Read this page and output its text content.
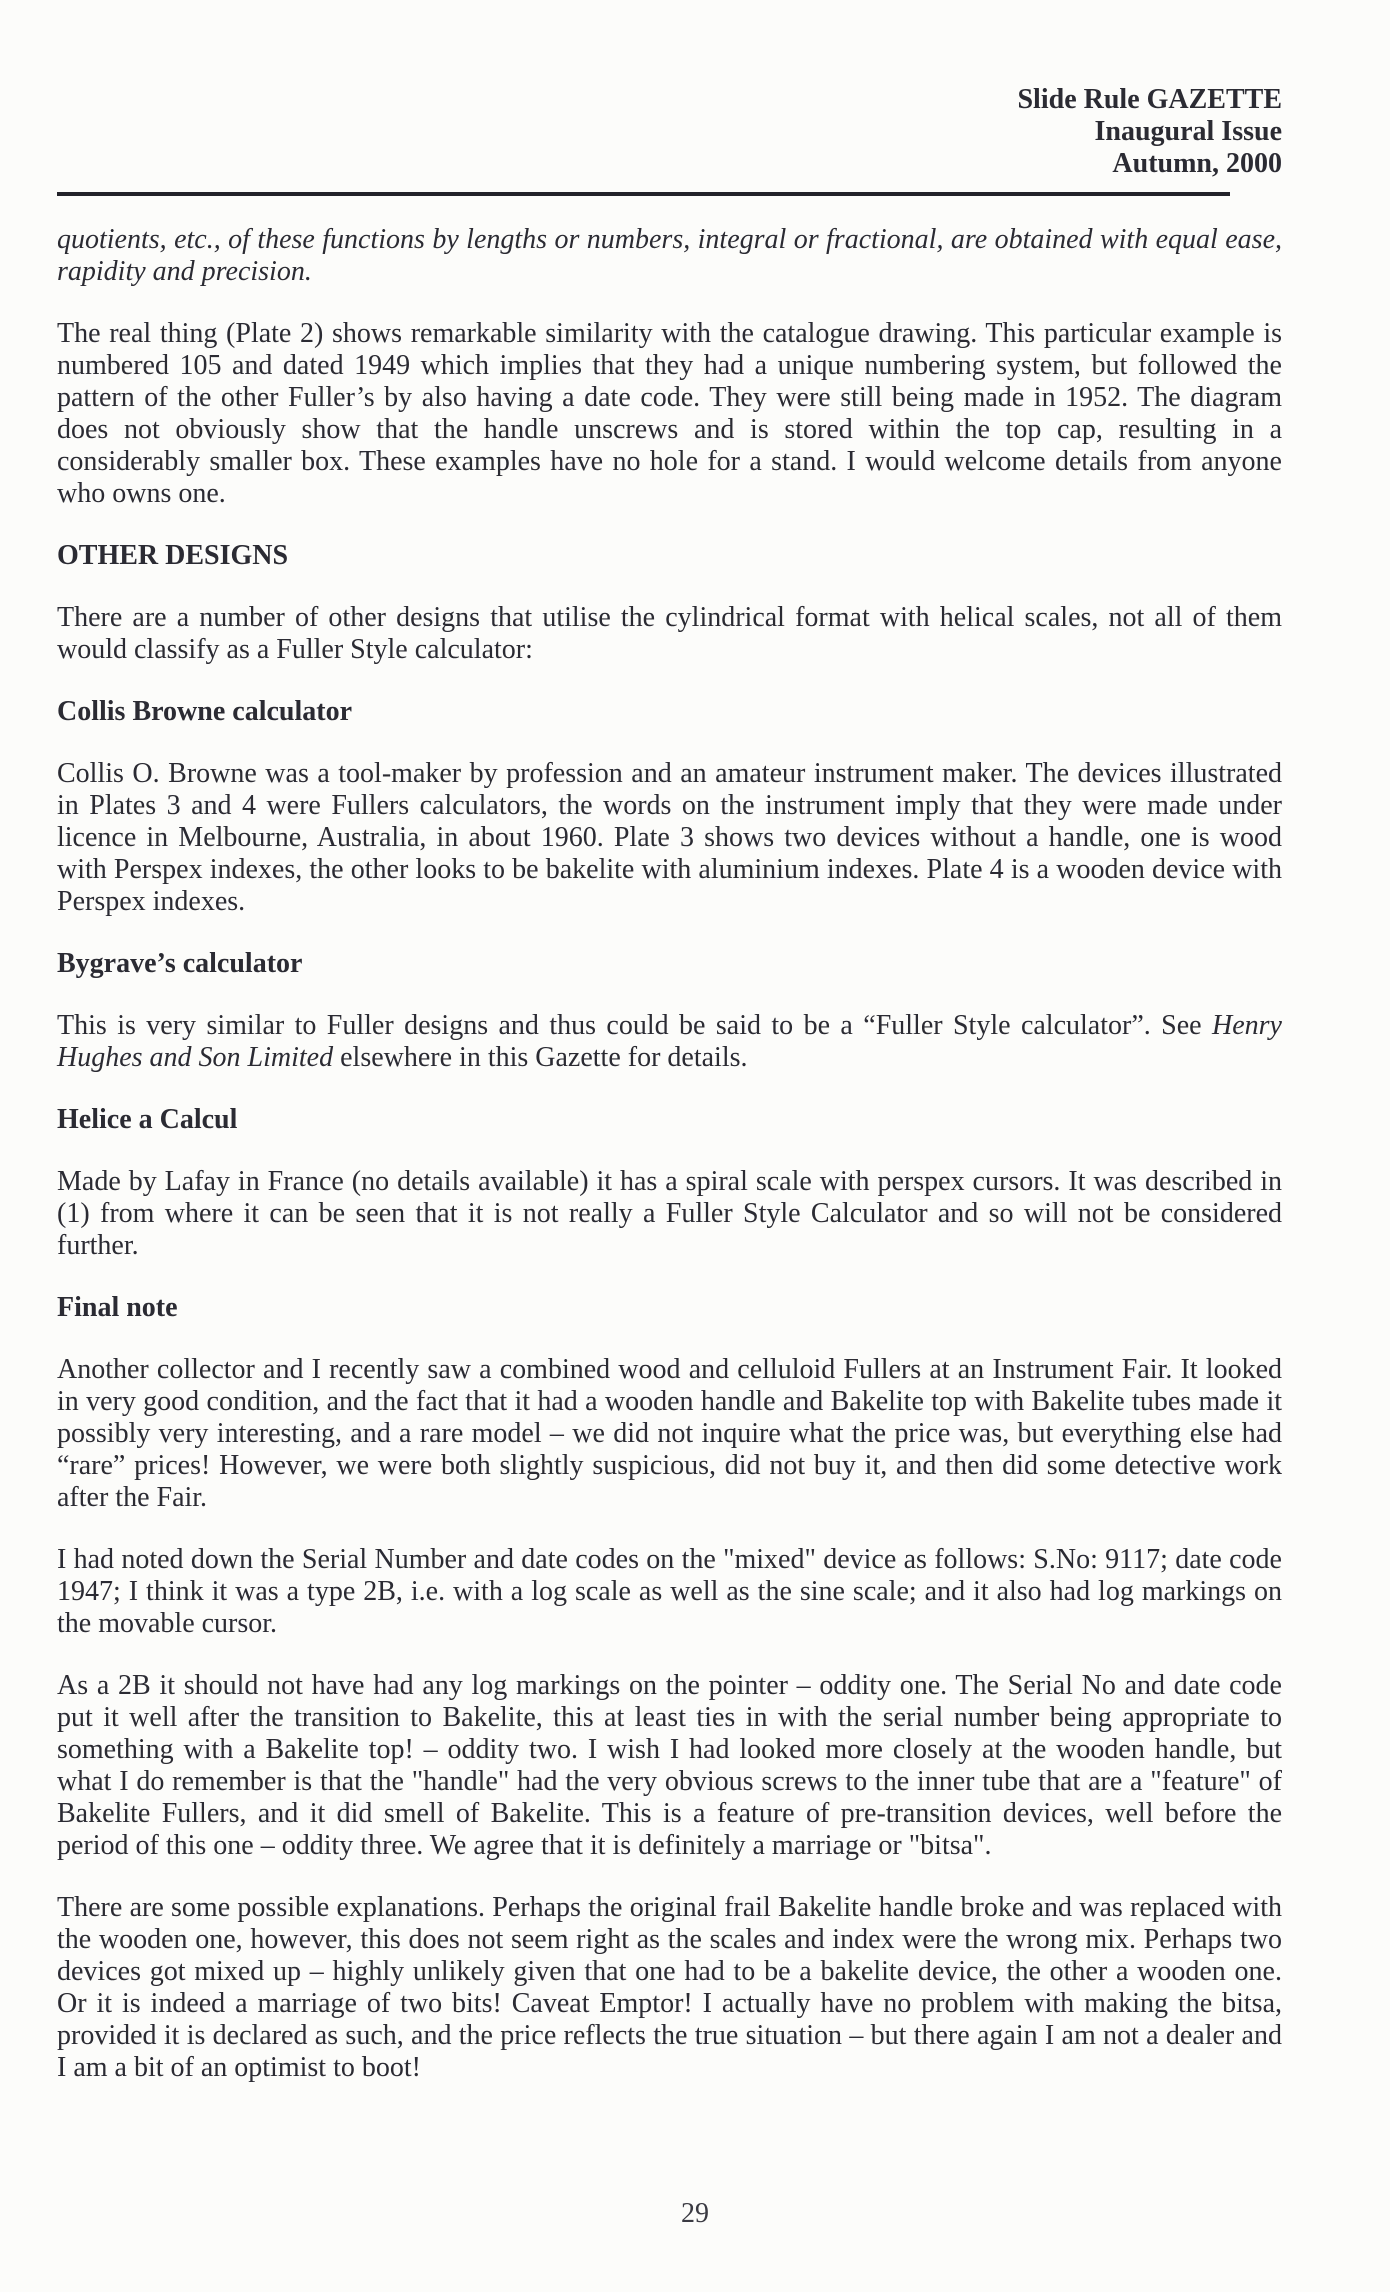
Slide Rule GAZETTE
Inaugural Issue
Autumn, 2000

quotients, etc., of these functions by lengths or numbers, integral or fractional, are obtained with equal ease, rapidity and precision.

The real thing (Plate 2) shows remarkable similarity with the catalogue drawing. This particular example is numbered 105 and dated 1949 which implies that they had a unique numbering system, but followed the pattern of the other Fuller’s by also having a date code. They were still being made in 1952. The diagram does not obviously show that the handle unscrews and is stored within the top cap, resulting in a considerably smaller box. These examples have no hole for a stand. I would welcome details from anyone who owns one.

OTHER DESIGNS

There are a number of other designs that utilise the cylindrical format with helical scales, not all of them would classify as a Fuller Style calculator:

Collis Browne calculator

Collis O. Browne was a tool-maker by profession and an amateur instrument maker. The devices illustrated in Plates 3 and 4 were Fullers calculators, the words on the instrument imply that they were made under licence in Melbourne, Australia, in about 1960. Plate 3 shows two devices without a handle, one is wood with Perspex indexes, the other looks to be bakelite with aluminium indexes. Plate 4 is a wooden device with Perspex indexes.

Bygrave’s calculator

This is very similar to Fuller designs and thus could be said to be a “Fuller Style calculator”. See Henry Hughes and Son Limited elsewhere in this Gazette for details.

Helice a Calcul

Made by Lafay in France (no details available) it has a spiral scale with perspex cursors. It was described in (1) from where it can be seen that it is not really a Fuller Style Calculator and so will not be considered further.

Final note

Another collector and I recently saw a combined wood and celluloid Fullers at an Instrument Fair. It looked in very good condition, and the fact that it had a wooden handle and Bakelite top with Bakelite tubes made it possibly very interesting, and a rare model – we did not inquire what the price was, but everything else had “rare” prices! However, we were both slightly suspicious, did not buy it, and then did some detective work after the Fair.

I had noted down the Serial Number and date codes on the "mixed" device as follows: S.No: 9117; date code 1947; I think it was a type 2B, i.e. with a log scale as well as the sine scale; and it also had log markings on the movable cursor.

As a 2B it should not have had any log markings on the pointer – oddity one. The Serial No and date code put it well after the transition to Bakelite, this at least ties in with the serial number being appropriate to something with a Bakelite top! – oddity two. I wish I had looked more closely at the wooden handle, but what I do remember is that the "handle" had the very obvious screws to the inner tube that are a "feature" of Bakelite Fullers, and it did smell of Bakelite. This is a feature of pre-transition devices, well before the period of this one – oddity three. We agree that it is definitely a marriage or "bitsa".

There are some possible explanations. Perhaps the original frail Bakelite handle broke and was replaced with the wooden one, however, this does not seem right as the scales and index were the wrong mix. Perhaps two devices got mixed up – highly unlikely given that one had to be a bakelite device, the other a wooden one. Or it is indeed a marriage of two bits! Caveat Emptor! I actually have no problem with making the bitsa, provided it is declared as such, and the price reflects the true situation – but there again I am not a dealer and I am a bit of an optimist to boot!

29
